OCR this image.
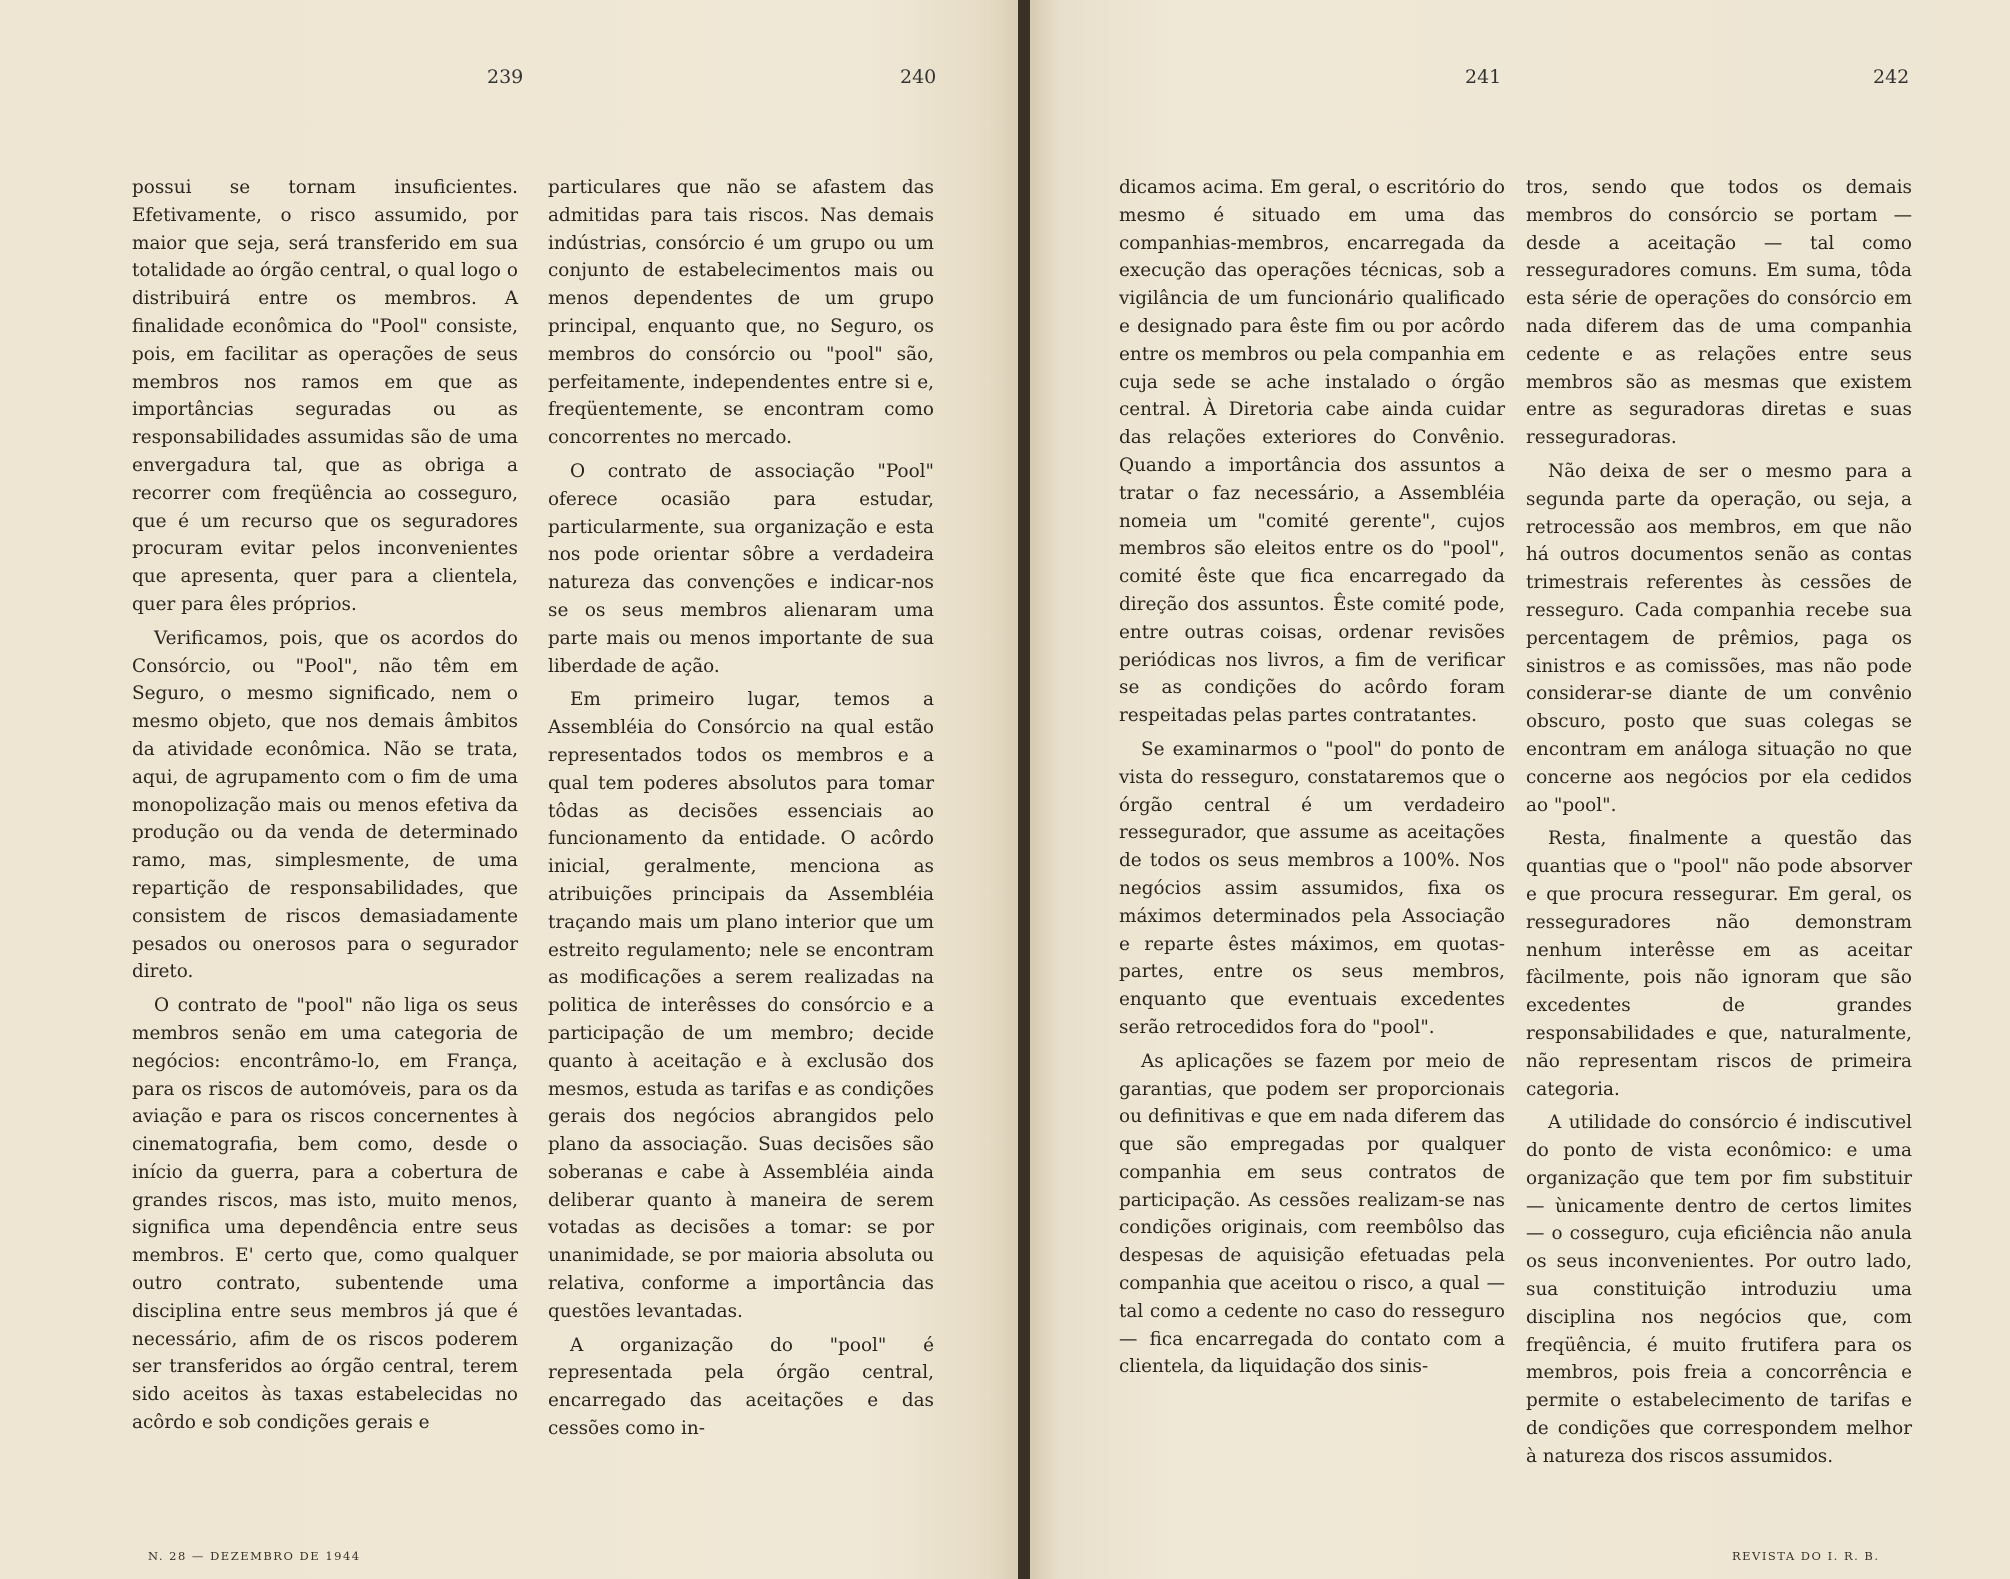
239	240

possui se tornam insuficientes. Efetivamente, o risco assumido, por maior que seja, será transferido em sua totalidade ao órgão central, o qual logo o distribuirá entre os membros. A finalidade econômica do "Pool" consiste, pois, em facilitar as operações de seus membros nos ramos em que as importâncias seguradas ou as responsabilidades assumidas são de uma envergadura tal, que as obriga a recorrer com freqüência ao cosseguro, que é um recurso que os seguradores procuram evitar pelos inconvenientes que apresenta, quer para a clientela, quer para êles próprios.

Verificamos, pois, que os acordos do Consórcio, ou "Pool", não têm em Seguro, o mesmo significado, nem o mesmo objeto, que nos demais âmbitos da atividade econômica. Não se trata, aqui, de agrupamento com o fim de uma monopolização mais ou menos efetiva da produção ou da venda de determinado ramo, mas, simplesmente, de uma repartição de responsabilidades, que consistem de riscos demasiadamente pesados ou onerosos para o segurador direto.

O contrato de "pool" não liga os seus membros senão em uma categoria de negócios: encontrâmo-lo, em França, para os riscos de automóveis, para os da aviação e para os riscos concernentes à cinematografia, bem como, desde o início da guerra, para a cobertura de grandes riscos, mas isto, muito menos, significa uma dependência entre seus membros. E' certo que, como qualquer outro contrato, subentende uma disciplina entre seus membros já que é necessário, afim de os riscos poderem ser transferidos ao órgão central, terem sido aceitos às taxas estabelecidas no acôrdo e sob condições gerais e

particulares que não se afastem das admitidas para tais riscos. Nas demais indústrias, consórcio é um grupo ou um conjunto de estabelecimentos mais ou menos dependentes de um grupo principal, enquanto que, no Seguro, os membros do consórcio ou "pool" são, perfeitamente, independentes entre si e, freqüentemente, se encontram como concorrentes no mercado.

O contrato de associação "Pool" oferece ocasião para estudar, particularmente, sua organização e esta nos pode orientar sôbre a verdadeira natureza das convenções e indicar-nos se os seus membros alienaram uma parte mais ou menos importante de sua liberdade de ação.

Em primeiro lugar, temos a Assembléia do Consórcio na qual estão representados todos os membros e a qual tem poderes absolutos para tomar tôdas as decisões essenciais ao funcionamento da entidade. O acôrdo inicial, geralmente, menciona as atribuições principais da Assembléia traçando mais um plano interior que um estreito regulamento; nele se encontram as modificações a serem realizadas na politica de interêsses do consórcio e a participação de um membro; decide quanto à aceitação e à exclusão dos mesmos, estuda as tarifas e as condições gerais dos negócios abrangidos pelo plano da associação. Suas decisões são soberanas e cabe à Assembléia ainda deliberar quanto à maneira de serem votadas as decisões a tomar: se por unanimidade, se por maioria absoluta ou relativa, conforme a importância das questões levantadas.

A organização do "pool" é representada pela órgão central, encarregado das aceitações e das cessões como in-

N. 28 — DEZEMBRO DE 1944
241	242

dicamos acima. Em geral, o escritório do mesmo é situado em uma das companhias-membros, encarregada da execução das operações técnicas, sob a vigilância de um funcionário qualificado e designado para êste fim ou por acôrdo entre os membros ou pela companhia em cuja sede se ache instalado o órgão central. À Diretoria cabe ainda cuidar das relações exteriores do Convênio. Quando a importância dos assuntos a tratar o faz necessário, a Assembléia nomeia um "comité gerente", cujos membros são eleitos entre os do "pool", comité êste que fica encarregado da direção dos assuntos. Êste comité pode, entre outras coisas, ordenar revisões periódicas nos livros, a fim de verificar se as condições do acôrdo foram respeitadas pelas partes contratantes.

Se examinarmos o "pool" do ponto de vista do resseguro, constataremos que o órgão central é um verdadeiro ressegurador, que assume as aceitações de todos os seus membros a 100%. Nos negócios assim assumidos, fixa os máximos determinados pela Associação e reparte êstes máximos, em quotas-partes, entre os seus membros, enquanto que eventuais excedentes serão retrocedidos fora do "pool".

As aplicações se fazem por meio de garantias, que podem ser proporcionais ou definitivas e que em nada diferem das que são empregadas por qualquer companhia em seus contratos de participação. As cessões realizam-se nas condições originais, com reembôlso das despesas de aquisição efetuadas pela companhia que aceitou o risco, a qual — tal como a cedente no caso do resseguro — fica encarregada do contato com a clientela, da liquidação dos sinis-

tros, sendo que todos os demais membros do consórcio se portam — desde a aceitação — tal como resseguradores comuns. Em suma, tôda esta série de operações do consórcio em nada diferem das de uma companhia cedente e as relações entre seus membros são as mesmas que existem entre as seguradoras diretas e suas resseguradoras.

Não deixa de ser o mesmo para a segunda parte da operação, ou seja, a retrocessão aos membros, em que não há outros documentos senão as contas trimestrais referentes às cessões de resseguro. Cada companhia recebe sua percentagem de prêmios, paga os sinistros e as comissões, mas não pode considerar-se diante de um convênio obscuro, posto que suas colegas se encontram em análoga situação no que concerne aos negócios por ela cedidos ao "pool".

Resta, finalmente a questão das quantias que o "pool" não pode absorver e que procura ressegurar. Em geral, os resseguradores não demonstram nenhum interêsse em as aceitar fàcilmente, pois não ignoram que são excedentes de grandes responsabilidades e que, naturalmente, não representam riscos de primeira categoria.

A utilidade do consórcio é indiscutivel do ponto de vista econômico: e uma organização que tem por fim substituir — ùnicamente dentro de certos limites — o cosseguro, cuja eficiência não anula os seus inconvenientes. Por outro lado, sua constituição introduziu uma disciplina nos negócios que, com freqüência, é muito frutifera para os membros, pois freia a concorrência e permite o estabelecimento de tarifas e de condições que correspondem melhor à natureza dos riscos assumidos.

REVISTA DO I. R. B.
